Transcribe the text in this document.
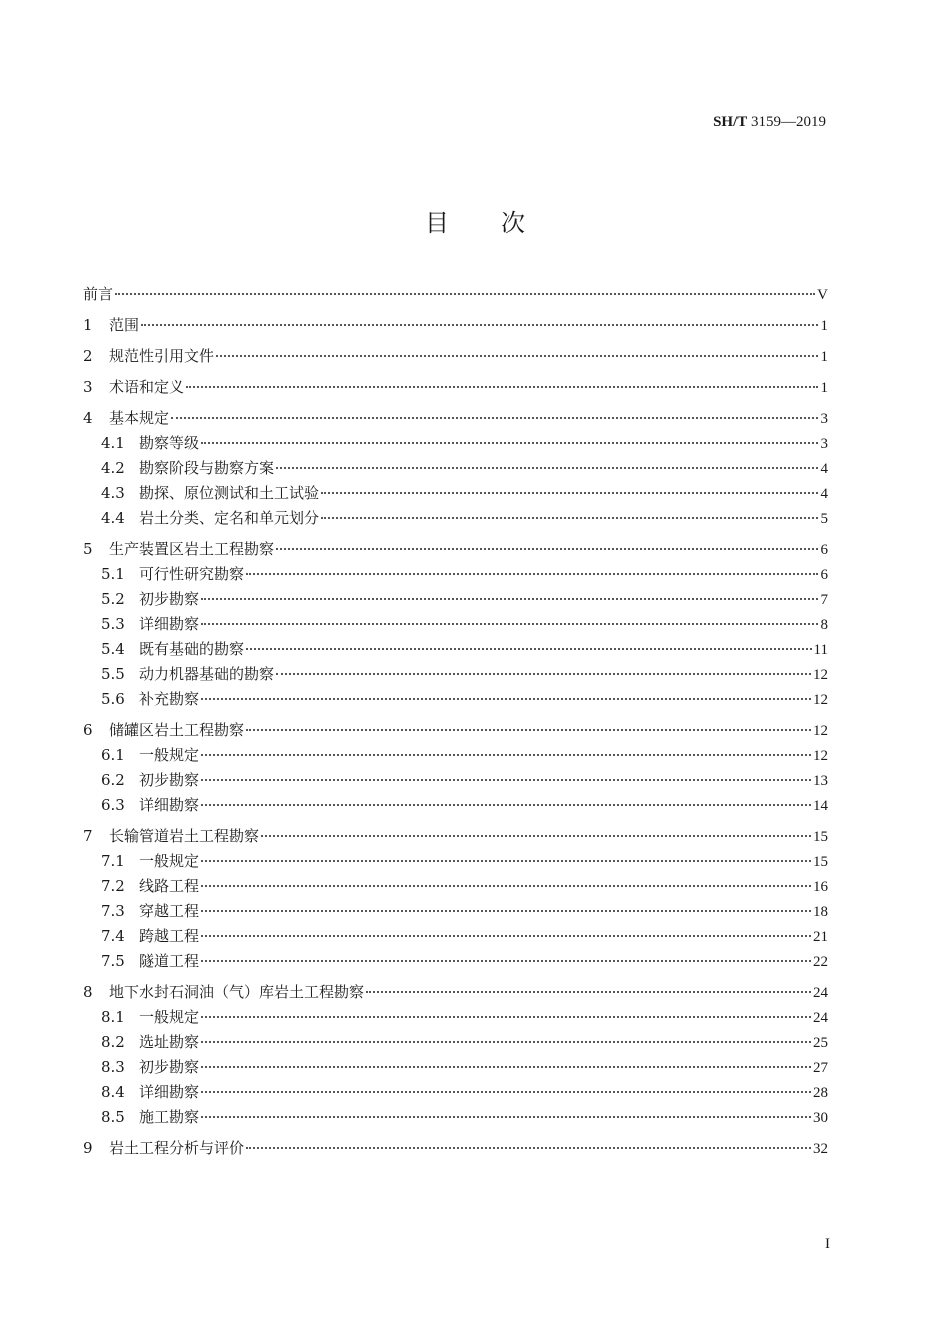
SH/T 3159—2019
目次
前言	V
1	范围	1
2	规范性引用文件	1
3	术语和定义	1
4	基本规定	3
4.1 勘察等级	3
4.2 勘察阶段与勘察方案	4
4.3 勘探、原位测试和土工试验	4
4.4 岩土分类、定名和单元划分	5
5	生产装置区岩土工程勘察	6
5.1 可行性研究勘察	6
5.2 初步勘察	7
5.3 详细勘察	8
5.4 既有基础的勘察	11
5.5 动力机器基础的勘察	12
5.6 补充勘察	12
6	储罐区岩土工程勘察	12
6.1 一般规定	12
6.2 初步勘察	13
6.3 详细勘察	14
7	长输管道岩土工程勘察	15
7.1 一般规定	15
7.2 线路工程	16
7.3 穿越工程	18
7.4 跨越工程	21
7.5 隧道工程	22
8	地下水封石洞油（气）库岩土工程勘察	24
8.1 一般规定	24
8.2 选址勘察	25
8.3 初步勘察	27
8.4 详细勘察	28
8.5 施工勘察	30
9	岩土工程分析与评价	32
I
